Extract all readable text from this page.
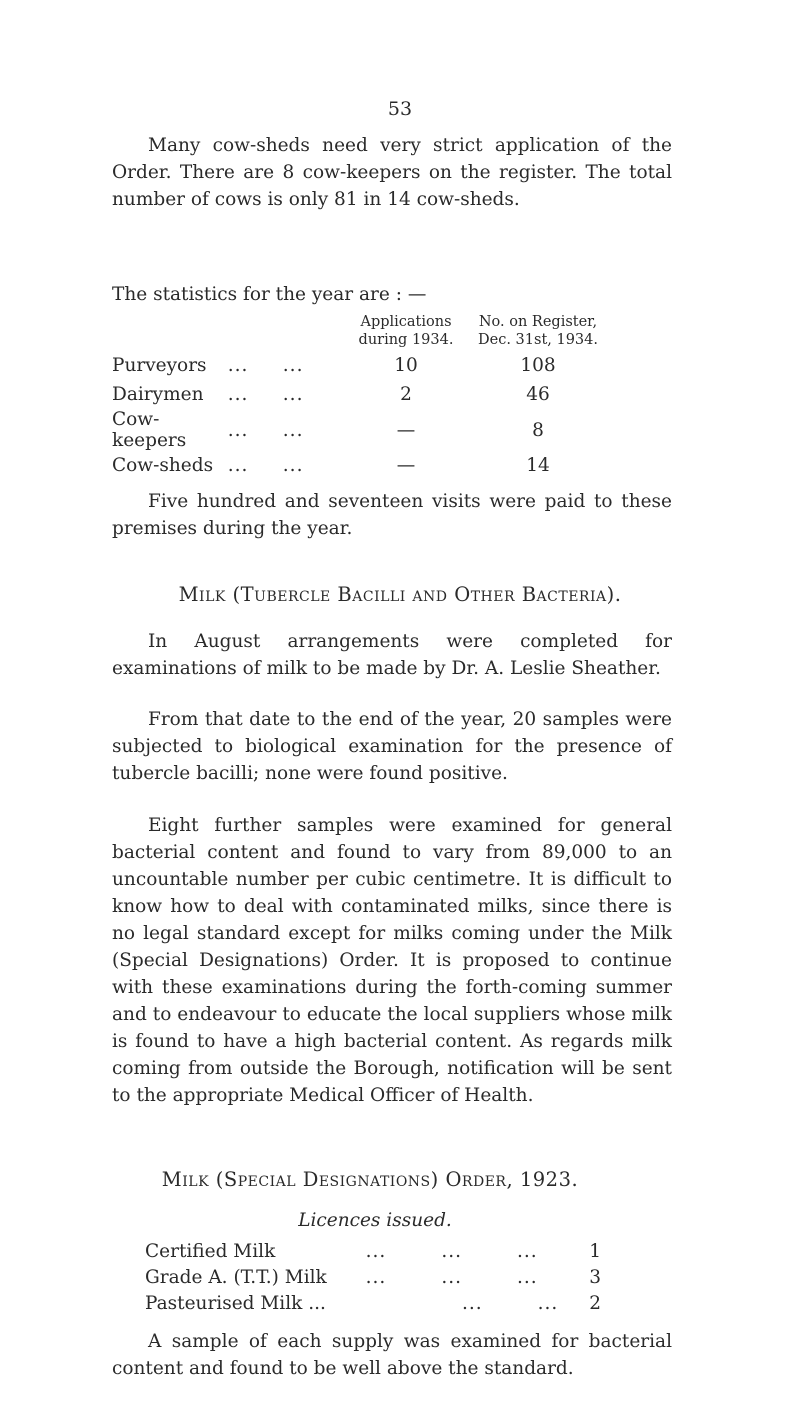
53

Many cow-sheds need very strict application of the Order. There are 8 cow-keepers on the register. The total number of cows is only 81 in 14 cow-sheds.

The statistics for the year are : —
		Applications during 1934.	No. on Register, Dec. 31st, 1934.
Purveyors	...     ...	10	108
Dairymen	...     ...	2	46
Cow-keepers	...     ...	—	8
Cow-sheds	...     ...	—	14

Five hundred and seventeen visits were paid to these premises during the year.

Milk (Tubercle Bacilli and Other Bacteria).

In August arrangements were completed for examinations of milk to be made by Dr. A. Leslie Sheather.

From that date to the end of the year, 20 samples were subjected to biological examination for the presence of tubercle bacilli; none were found positive.

Eight further samples were examined for general bacterial content and found to vary from 89,000 to an uncountable number per cubic centimetre. It is difficult to know how to deal with contaminated milks, since there is no legal standard except for milks coming under the Milk (Special Designations) Order. It is proposed to continue with these examinations during the forth-coming summer and to endeavour to educate the local suppliers whose milk is found to have a high bacterial content. As regards milk coming from outside the Borough, notification will be sent to the appropriate Medical Officer of Health.

Milk (Special Designations) Order, 1923.
Licences issued.
Certified Milk	...        ...        ...	1
Grade A. (T.T.) Milk	...        ...        ...	3
Pasteurised Milk ...	...        ...	2

A sample of each supply was examined for bacterial content and found to be well above the standard.
